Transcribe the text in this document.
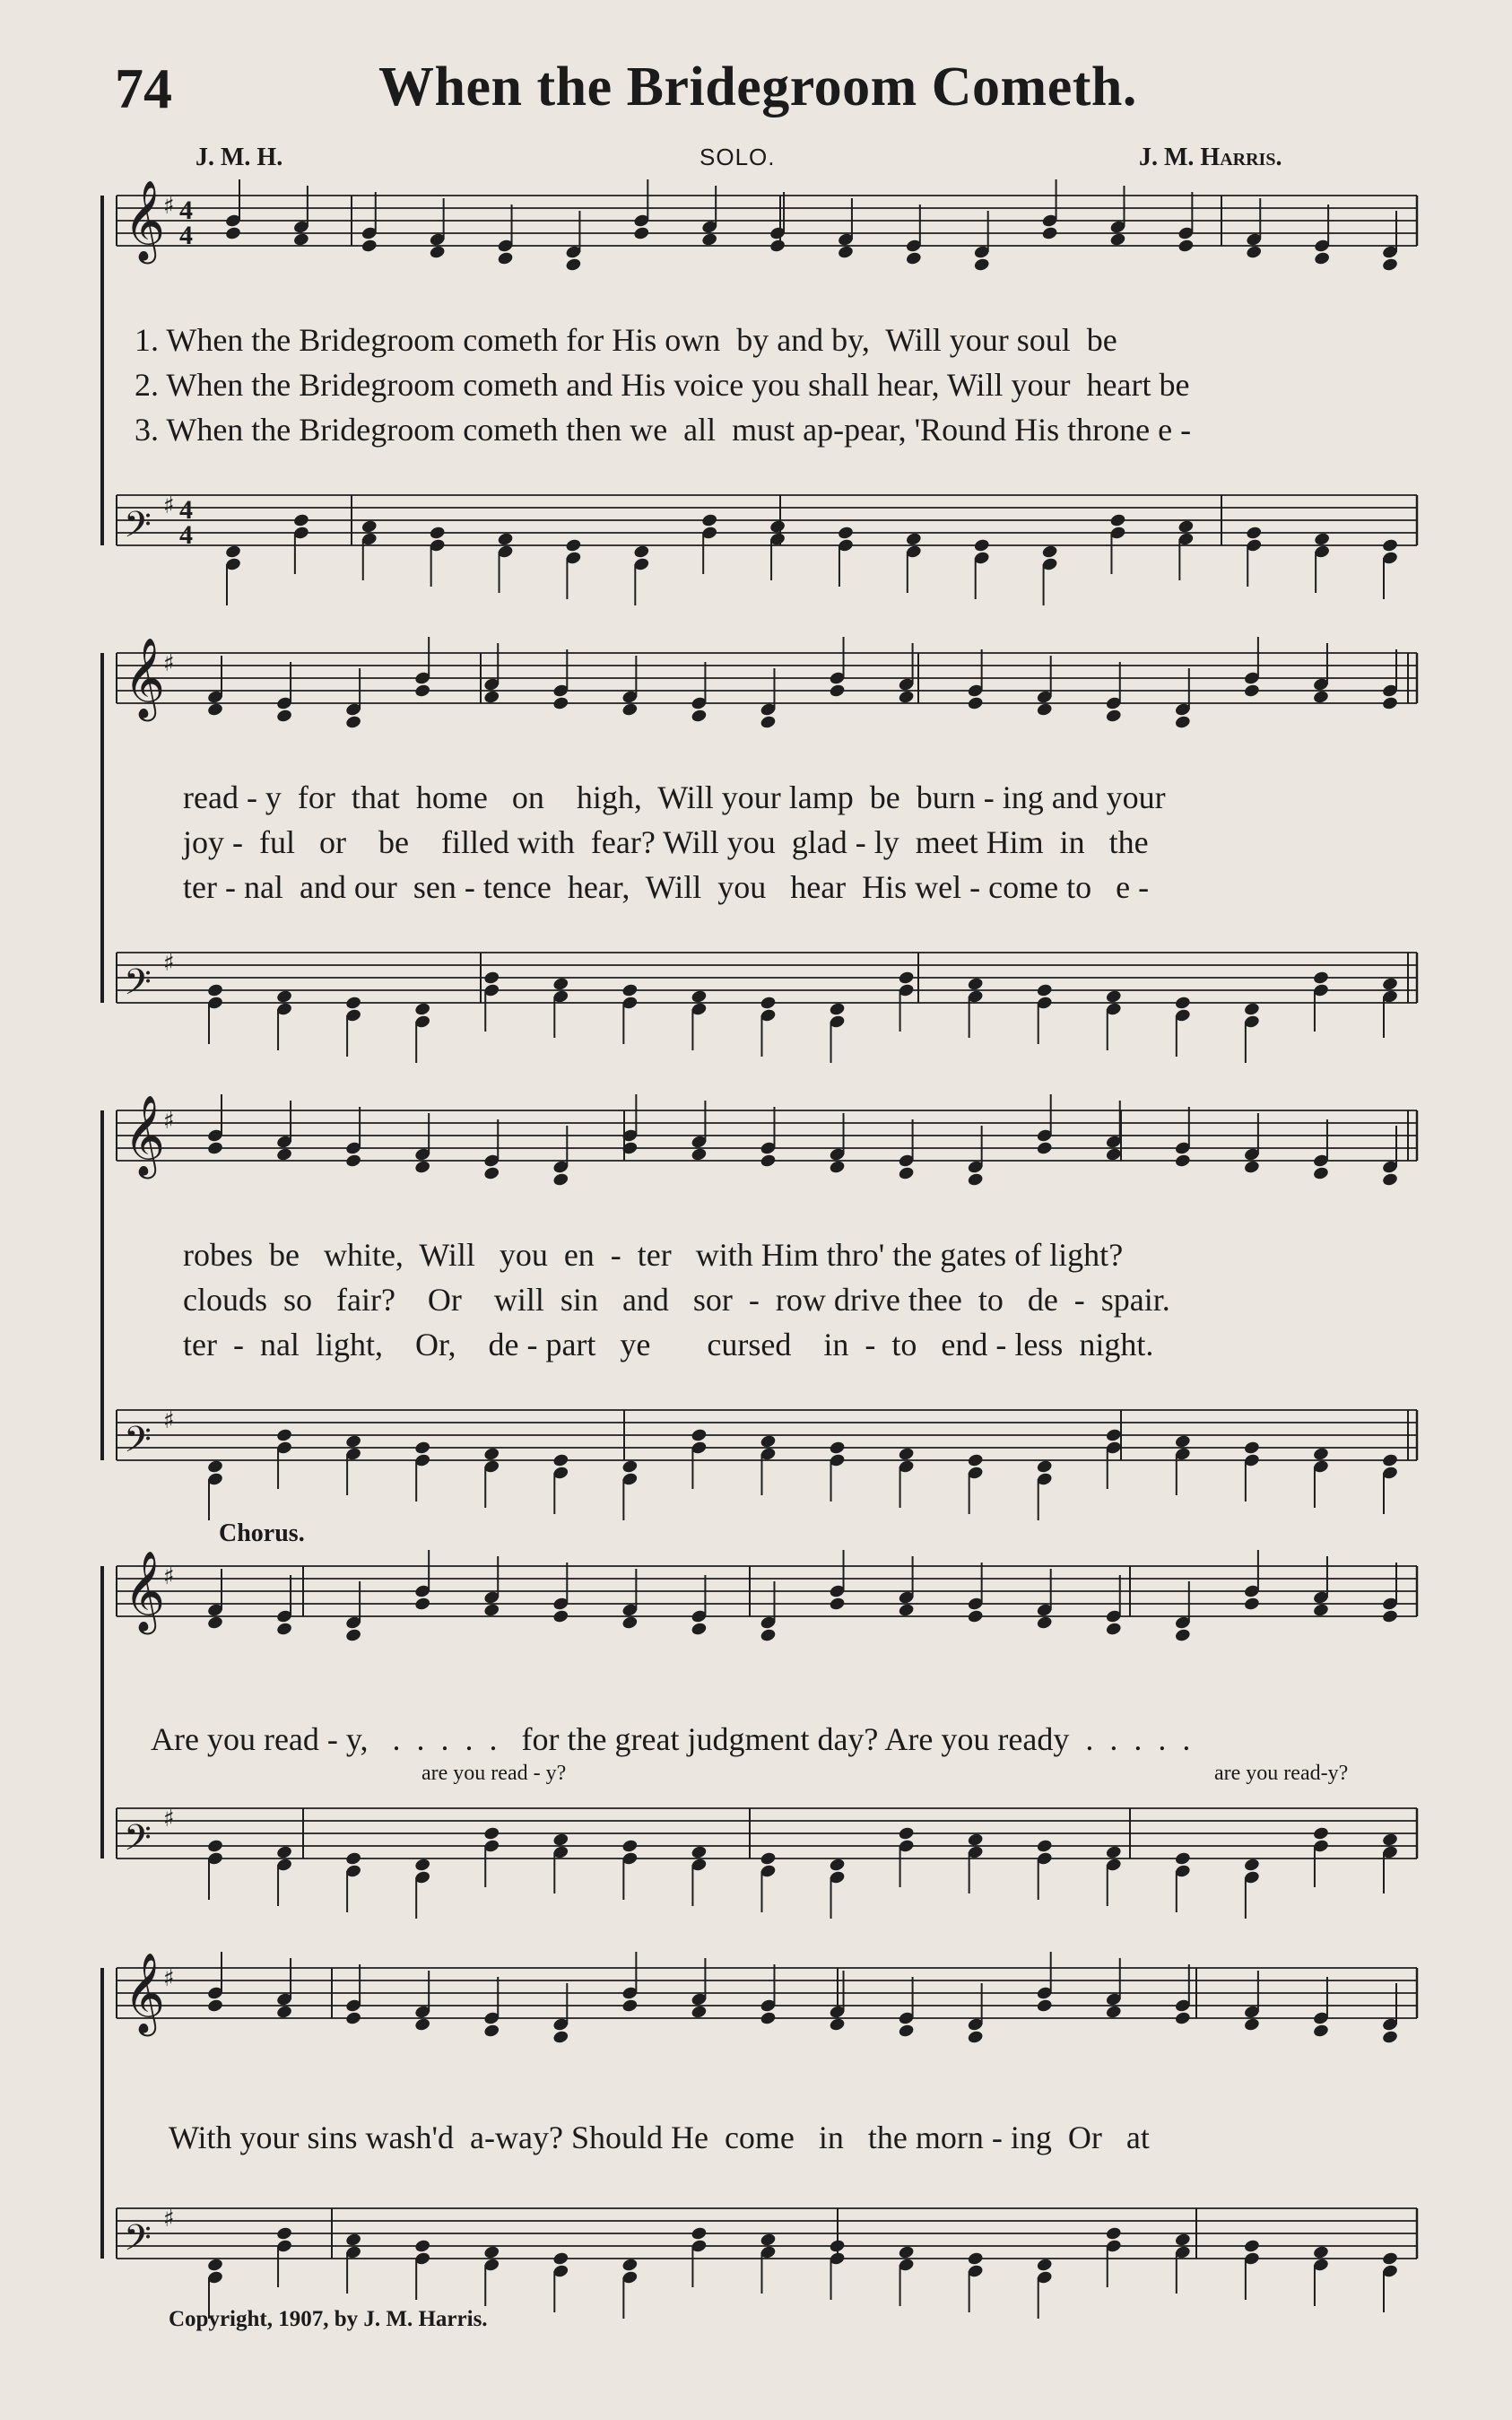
74	When the Bridegroom Cometh.
J. M. H.	SOLO.	J. M. Harris.
𝄞
♯
𝄢 ♯
𝄞
♯
𝄢 ♯
𝄞
♯
𝄢 ♯
𝄞
♯
𝄢 ♯
𝄞
♯
𝄢 ♯
4
4
4
4
1. When the Bridegroom cometh for His own  by and by,  Will your soul  be
2. When the Bridegroom cometh and His voice you shall hear, Will your  heart be
3. When the Bridegroom cometh then we  all  must ap-pear, 'Round His throne e -
read - y  for  that  home   on    high,  Will your lamp  be  burn - ing and your
joy -  ful   or    be    filled with  fear? Will you  glad - ly  meet Him  in   the
ter - nal  and our  sen - tence  hear,  Will  you   hear  His wel - come to   e -
robes  be   white,  Will   you  en  -  ter   with Him thro' the gates of light?
clouds  so   fair?    Or    will  sin   and   sor  -  row drive thee  to   de  -  spair.
ter  -  nal  light,    Or,    de - part   ye       cursed    in  -  to   end - less  night.
Chorus.
Are you read - y,   .  .  .  .  .   for the great judgment day? Are you ready  .  .  .  .  .
are you read - y?	are you read-y?
With your sins wash'd  a-way? Should He  come   in   the morn - ing  Or   at
Copyright, 1907, by J. M. Harris.
